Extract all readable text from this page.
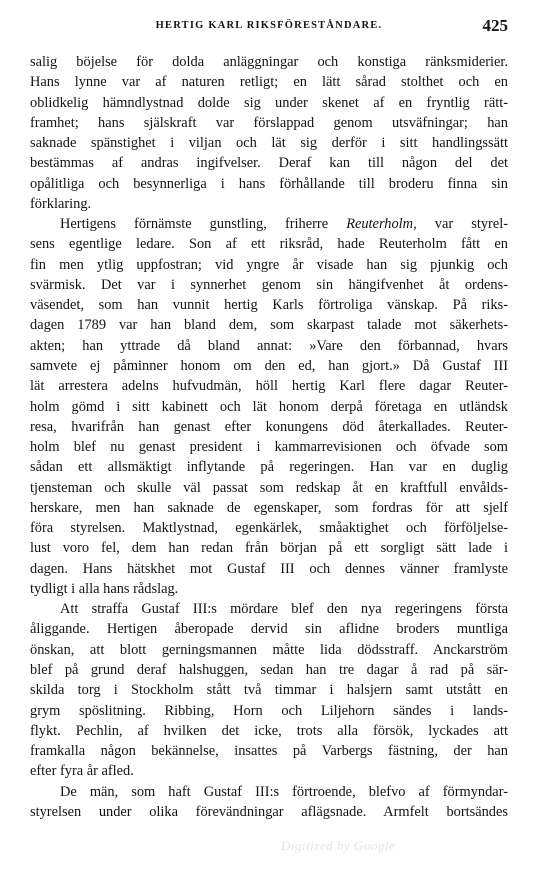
HERTIG KARL RIKSFÖRESTÅNDARE.	425
salig böjelse för dolda anläggningar och konstiga ränksmiderier.
Hans lynne var af naturen retligt; en lätt sårad stolthet och en
oblidkelig hämndlystnad dolde sig under skenet af en fryntlig rätt-
framhet; hans själskraft var förslappad genom utsväfningar; han
saknade spänstighet i viljan och lät sig derför i sitt handlingssätt
bestämmas af andras ingifvelser. Deraf kan till någon del det
opålitliga och besynnerliga i hans förhållande till broderu finna sin
förklaring.
Hertigens förnämste gunstling, friherre Reuterholm, var styrel-
sens egentlige ledare. Son af ett riksråd, hade Reuterholm fått en
fin men ytlig uppfostran; vid yngre år visade han sig pjunkig och
svärmisk. Det var i synnerhet genom sin hängifvenhet åt ordens-
väsendet, som han vunnit hertig Karls förtroliga vänskap. På riks-
dagen 1789 var han bland dem, som skarpast talade mot säkerhets-
akten; han yttrade då bland annat: »Vare den förbannad, hvars
samvete ej påminner honom om den ed, han gjort.» Då Gustaf III
lät arrestera adelns hufvudmän, höll hertig Karl flere dagar Reuter-
holm gömd i sitt kabinett och lät honom derpå företaga en utländsk
resa, hvarifrån han genast efter konungens död återkallades. Reuter-
holm blef nu genast president i kammarrevisionen och öfvade som
sådan ett allsmäktigt inflytande på regeringen. Han var en duglig
tjensteman och skulle väl passat som redskap åt en kraftfull envålds-
herskare, men han saknade de egenskaper, som fordras för att sjelf
föra styrelsen. Maktlystnad, egenkärlek, småaktighet och förföljelse-
lust voro fel, dem han redan från början på ett sorgligt sätt lade i
dagen. Hans hätskhet mot Gustaf III och dennes vänner framlyste
tydligt i alla hans rådslag.
Att straffa Gustaf III:s mördare blef den nya regeringens första
åliggande. Hertigen åberopade dervid sin aflidne broders muntliga
önskan, att blott gerningsmannen måtte lida dödsstraff. Anckarström
blef på grund deraf halshuggen, sedan han tre dagar å rad på sär-
skilda torg i Stockholm stått två timmar i halsjern samt utstått en
grym spöslitning. Ribbing, Horn och Liljehorn sändes i lands-
flykt. Pechlin, af hvilken det icke, trots alla försök, lyckades att
framkalla någon bekännelse, insattes på Varbergs fästning, der han
efter fyra år afled.
De män, som haft Gustaf III:s förtroende, blefvo af förmyndar-
styrelsen under olika förevändningar aflägsnade. Armfelt bortsändes
Digitized by Google
